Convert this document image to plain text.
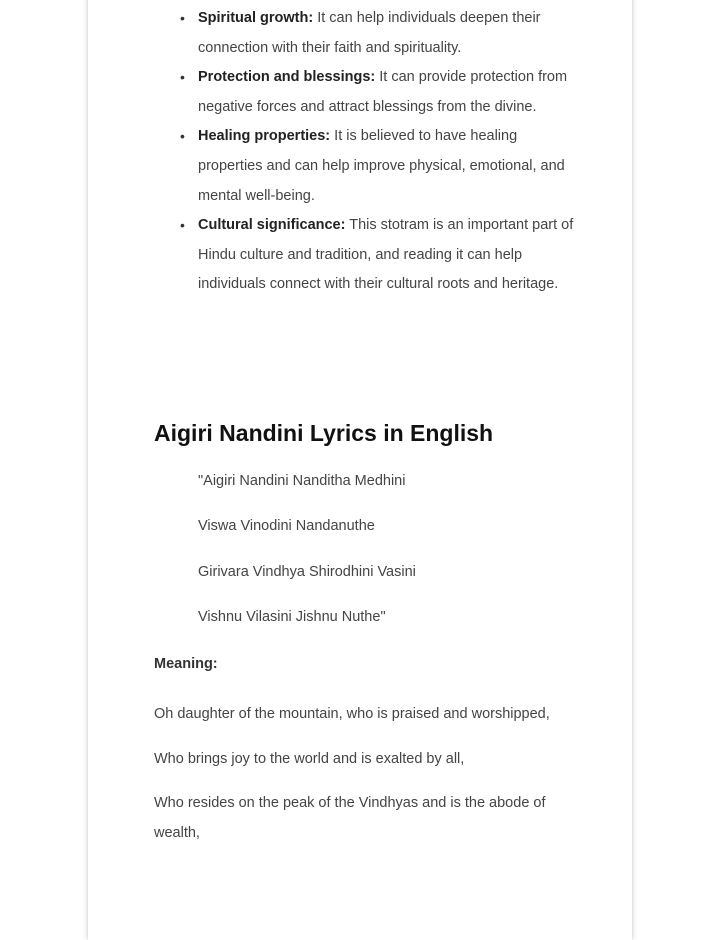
• Spiritual growth: It can help individuals deepen their connection with their faith and spirituality.
• Protection and blessings: It can provide protection from negative forces and attract blessings from the divine.
• Healing properties: It is believed to have healing properties and can help improve physical, emotional, and mental well-being.
• Cultural significance: This stotram is an important part of Hindu culture and tradition, and reading it can help individuals connect with their cultural roots and heritage.
Aigiri Nandini Lyrics in English
"Aigiri Nandini Nanditha Medhini
Viswa Vinodini Nandanuthe
Girivara Vindhya Shirodhini Vasini
Vishnu Vilasini Jishnu Nuthe"

Meaning:

Oh daughter of the mountain, who is praised and worshipped,

Who brings joy to the world and is exalted by all,

Who resides on the peak of the Vindhyas and is the abode of wealth,
